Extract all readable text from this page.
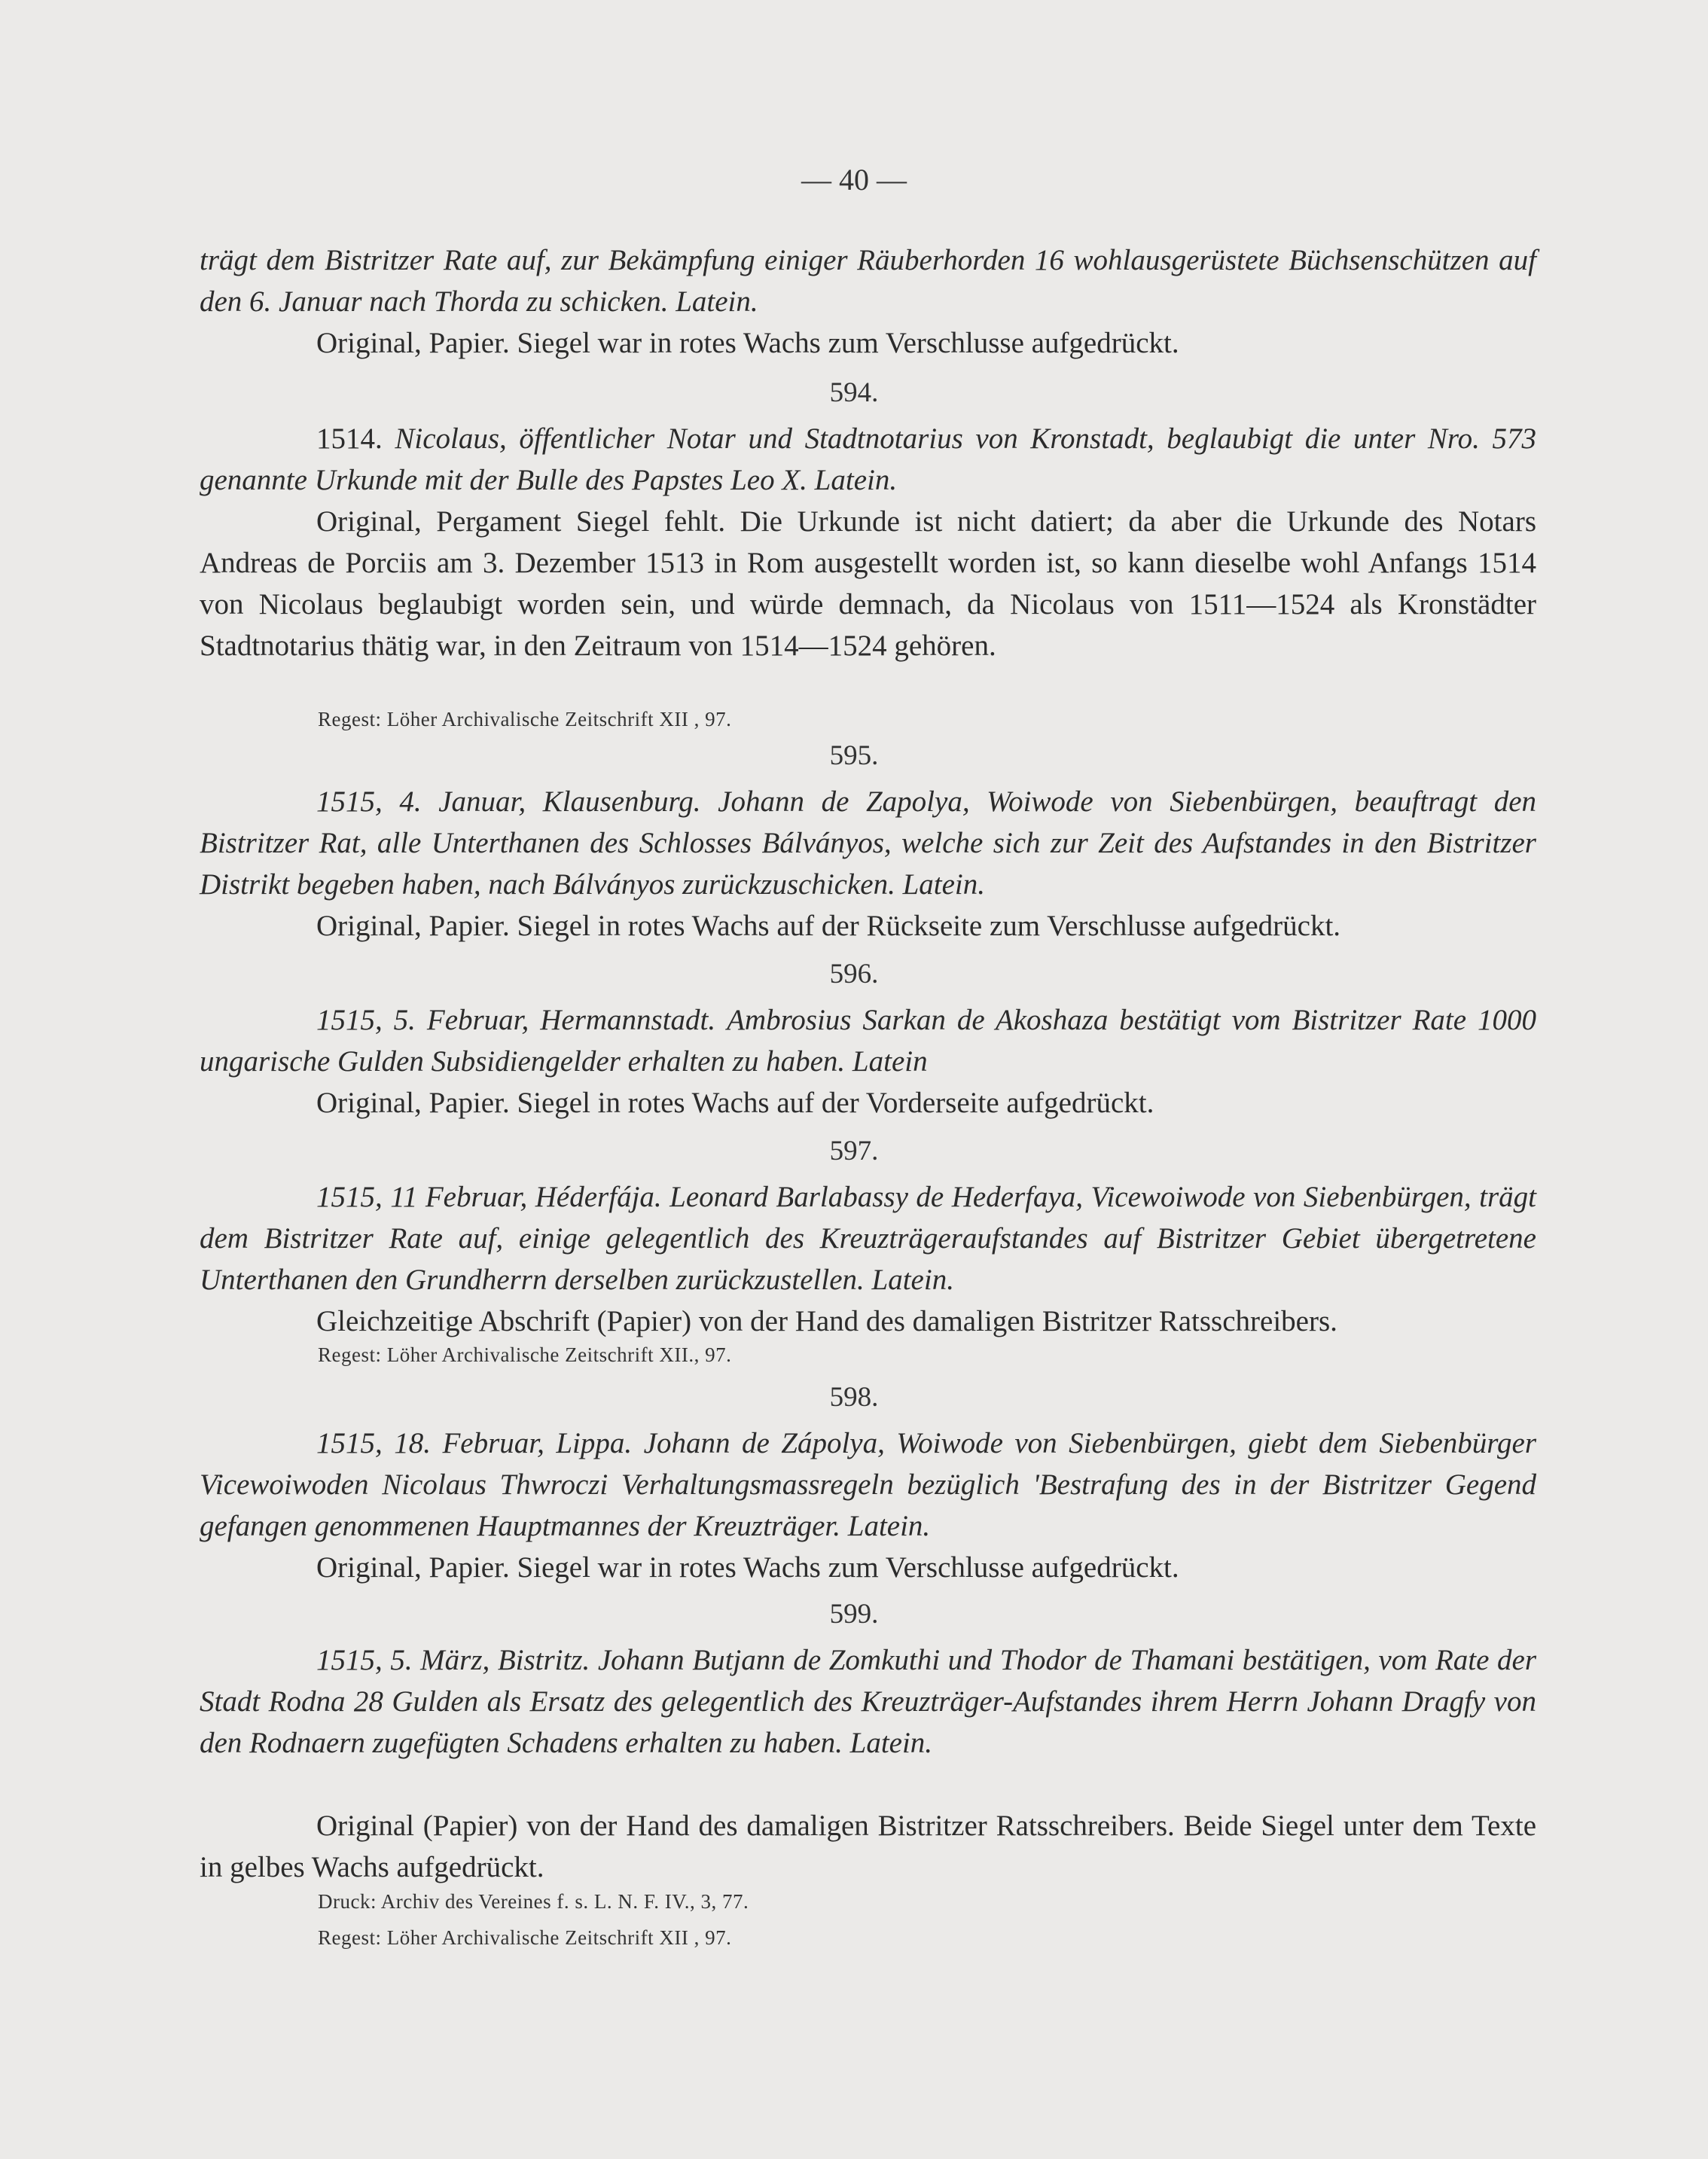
— 40 —
trägt dem Bistritzer Rate auf, zur Bekämpfung einiger Räuberhorden 16 wohlausgerüstete Büchsenschützen auf den 6. Januar nach Thorda zu schicken. Latein.
Original, Papier. Siegel war in rotes Wachs zum Verschlusse aufgedrückt.
594.
1514. Nicolaus, öffentlicher Notar und Stadtnotarius von Kronstadt, beglaubigt die unter Nro. 573 genannte Urkunde mit der Bulle des Papstes Leo X. Latein.
Original, Pergament Siegel fehlt. Die Urkunde ist nicht datiert; da aber die Urkunde des Notars Andreas de Porciis am 3. Dezember 1513 in Rom ausgestellt worden ist, so kann dieselbe wohl Anfangs 1514 von Nicolaus beglaubigt worden sein, und würde demnach, da Nicolaus von 1511—1524 als Kronstädter Stadtnotarius thätig war, in den Zeitraum von 1514—1524 gehören.
Regest: Löher Archivalische Zeitschrift XII , 97.
595.
1515, 4. Januar, Klausenburg. Johann de Zapolya, Woiwode von Siebenbürgen, beauftragt den Bistritzer Rat, alle Unterthanen des Schlosses Bálványos, welche sich zur Zeit des Aufstandes in den Bistritzer Distrikt begeben haben, nach Bálványos zurückzuschicken. Latein.
Original, Papier. Siegel in rotes Wachs auf der Rückseite zum Verschlusse aufgedrückt.
596.
1515, 5. Februar, Hermannstadt. Ambrosius Sarkan de Akoshaza bestätigt vom Bistritzer Rate 1000 ungarische Gulden Subsidiengelder erhalten zu haben. Latein
Original, Papier. Siegel in rotes Wachs auf der Vorderseite aufgedrückt.
597.
1515, 11 Februar, Héderfája. Leonard Barlabassy de Hederfaya, Vicewoiwode von Siebenbürgen, trägt dem Bistritzer Rate auf, einige gelegentlich des Kreuzträgeraufstandes auf Bistritzer Gebiet übergetretene Unterthanen den Grundherrn derselben zurückzustellen. Latein.
Gleichzeitige Abschrift (Papier) von der Hand des damaligen Bistritzer Ratsschreibers.
Regest: Löher Archivalische Zeitschrift XII., 97.
598.
1515, 18. Februar, Lippa. Johann de Zápolya, Woiwode von Siebenbürgen, giebt dem Siebenbürger Vicewoiwoden Nicolaus Thwroczi Verhaltungsmassregeln bezüglich 'Bestrafung des in der Bistritzer Gegend gefangen genommenen Hauptmannes der Kreuzträger. Latein.
Original, Papier. Siegel war in rotes Wachs zum Verschlusse aufgedrückt.
599.
1515, 5. März, Bistritz. Johann Butjann de Zomkuthi und Thodor de Thamani bestätigen, vom Rate der Stadt Rodna 28 Gulden als Ersatz des gelegentlich des Kreuzträger-Aufstandes ihrem Herrn Johann Dragfy von den Rodnaern zugefügten Schadens erhalten zu haben. Latein.
Original (Papier) von der Hand des damaligen Bistritzer Ratsschreibers. Beide Siegel unter dem Texte in gelbes Wachs aufgedrückt.
Druck: Archiv des Vereines f. s. L. N. F. IV., 3, 77.
Regest: Löher Archivalische Zeitschrift XII , 97.
